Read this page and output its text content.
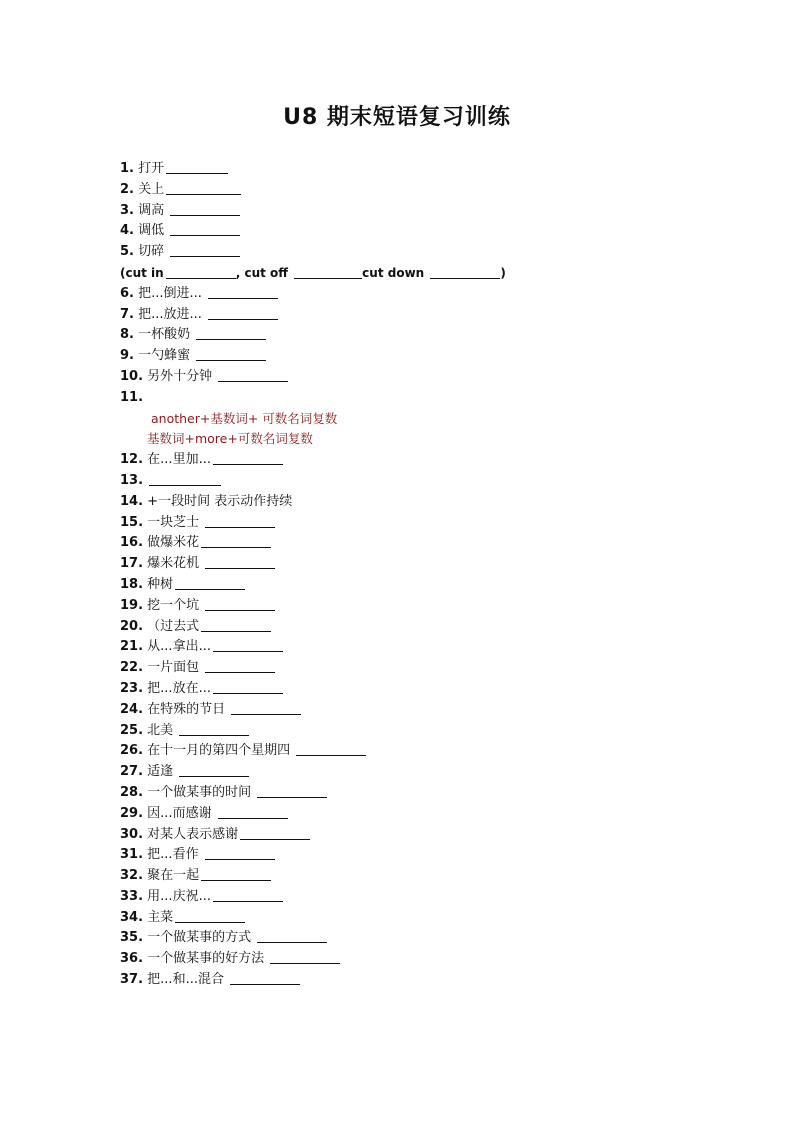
U8 期末短语复习训练
1. 打开
2. 关上
3. 调高
4. 调低
5. 切碎
(cut in	, cut off	cut down	)
6. 把...倒进...
7. 把...放进...
8. 一杯酸奶
9. 一勺蜂蜜
10. 另外十分钟
11.
another+基数词+ 可数名词复数
基数词+more+可数名词复数
12. 在...里加...
13.
14. +一段时间 表示动作持续
15. 一块芝士
16. 做爆米花
17. 爆米花机
18. 种树
19. 挖一个坑
20. （过去式
21. 从...拿出...
22. 一片面包
23. 把...放在...
24. 在特殊的节日
25. 北美
26. 在十一月的第四个星期四
27. 适逢
28. 一个做某事的时间
29. 因...而感谢
30. 对某人表示感谢
31. 把...看作
32. 聚在一起
33. 用...庆祝...
34. 主菜
35. 一个做某事的方式
36. 一个做某事的好方法
37. 把...和...混合
